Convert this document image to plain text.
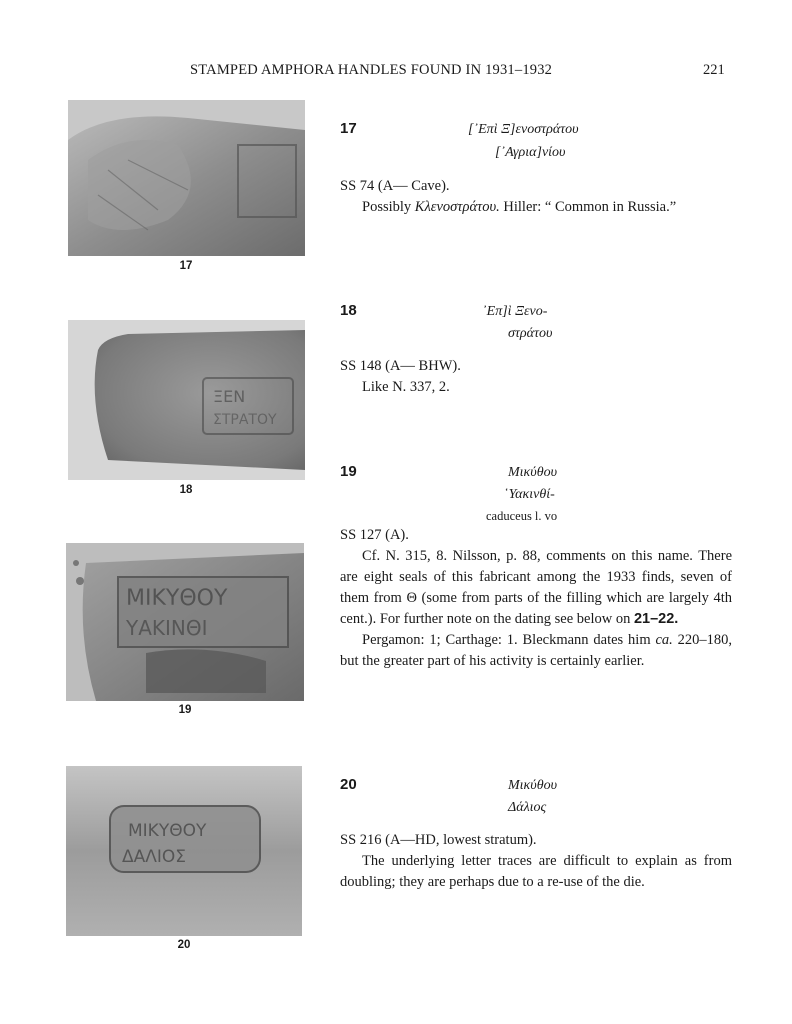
STAMPED AMPHORA HANDLES FOUND IN 1931–1932	221
17
ΞΕΝ
ΣΤΡΑΤΟΥ
18
ΜΙΚΥΘΟΥ
ΥΑΚΙΝΘΙ
19
ΜΙΚΥΘΟΥ
ΔΑΛΙΟΣ
20
17	[᾿Επὶ Ξ]ενοστράτου
[᾿Αγρια]νίου

SS 74 (A— Cave).

Possibly Κλενοστράτου. Hiller: “ Common in Russia.”

18	᾿Επ]ὶ Ξενο-
στράτου

SS 148 (A— BHW).

Like N. 337, 2.

19	Μικύθου
῾Υακινθί-
caduceus l. vo

SS 127 (A).

Cf. N. 315, 8. Nilsson, p. 88, comments on this name. There are eight seals of this fabricant among the 1933 finds, seven of them from Θ (some from parts of the filling which are largely 4th cent.). For further note on the dating see below on 21–22.

Pergamon: 1; Carthage: 1. Bleckmann dates him ca. 220–180, but the greater part of his activity is certainly earlier.

20	Μικύθου
Δάλιος

SS 216 (A—HD, lowest stratum).

The underlying letter traces are difficult to explain as from doubling; they are perhaps due to a re-use of the die.
